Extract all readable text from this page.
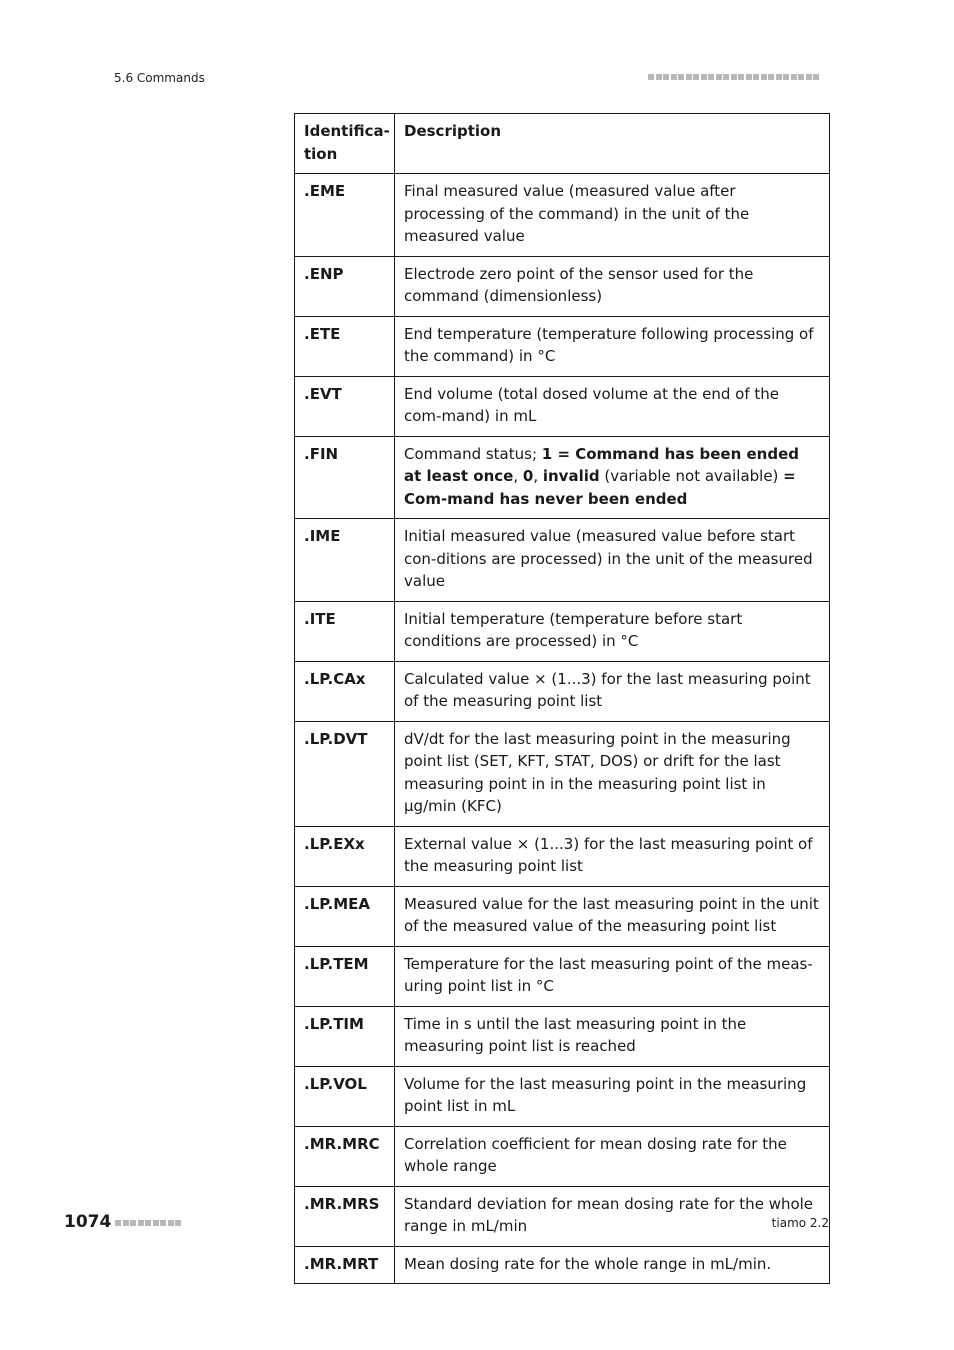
5.6 Commands
Identifica-
tion	Description
.EME	Final measured value (measured value after processing of the command) in the unit of the measured value
.ENP	Electrode zero point of the sensor used for the command (dimensionless)
.ETE	End temperature (temperature following processing of the command) in °C
.EVT	End volume (total dosed volume at the end of the com-mand) in mL
.FIN	Command status; 1 = Command has been ended at least once, 0, invalid (variable not available) = Com-mand has never been ended
.IME	Initial measured value (measured value before start con-ditions are processed) in the unit of the measured value
.ITE	Initial temperature (temperature before start conditions are processed) in °C
.LP.CAx	Calculated value × (1...3) for the last measuring point of the measuring point list
.LP.DVT	dV/dt for the last measuring point in the measuring point list (SET, KFT, STAT, DOS) or drift for the last measuring point in in the measuring point list in µg/min (KFC)
.LP.EXx	External value × (1...3) for the last measuring point of the measuring point list
.LP.MEA	Measured value for the last measuring point in the unit of the measured value of the measuring point list
.LP.TEM	Temperature for the last measuring point of the meas-uring point list in °C
.LP.TIM	Time in s until the last measuring point in the measuring point list is reached
.LP.VOL	Volume for the last measuring point in the measuring point list in mL
.MR.MRC	Correlation coefficient for mean dosing rate for the whole range
.MR.MRS	Standard deviation for mean dosing rate for the whole range in mL/min
.MR.MRT	Mean dosing rate for the whole range in mL/min.
1074	tiamo 2.2
